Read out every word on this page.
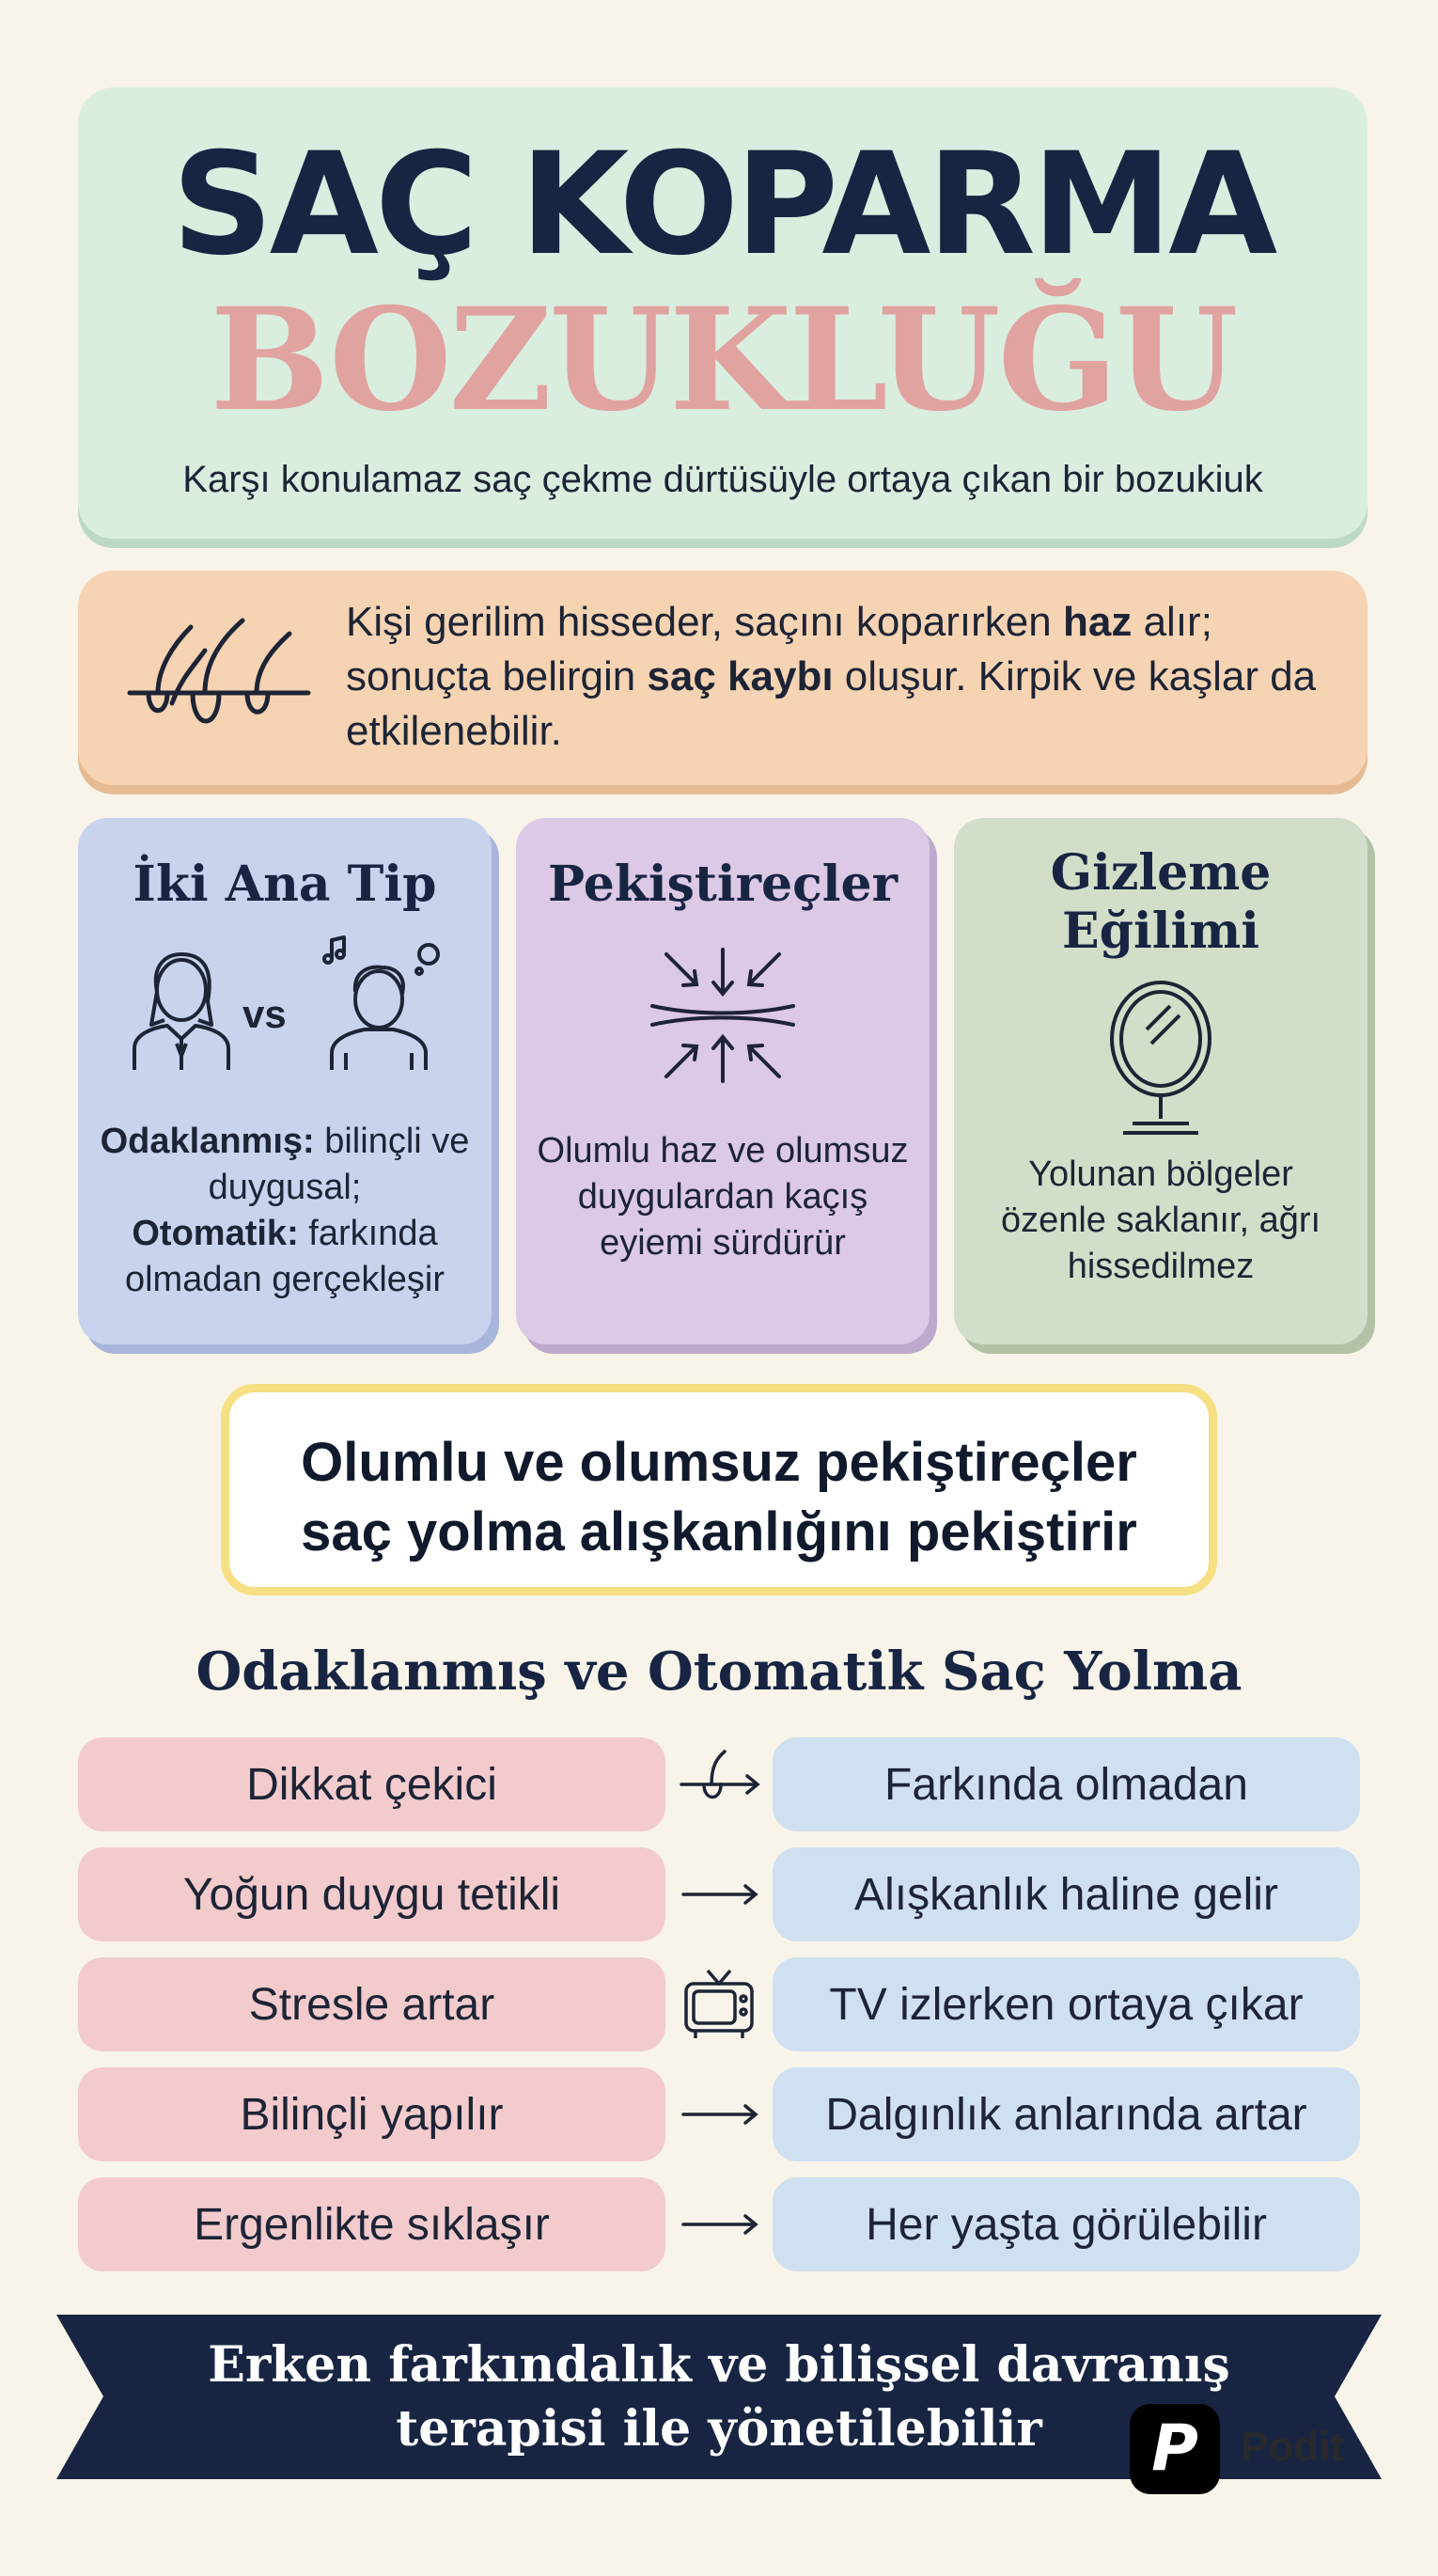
SAÇ KOPARMA
BOZUKLUĞU
Karşı konulamaz saç çekme dürtüsüyle ortaya çıkan bir bozukiuk
Kişi gerilim hisseder, saçını koparırken haz alır; sonuçta belirgin saç kaybı oluşur. Kirpik ve kaşlar da etkilenebilir.
İki Ana Tip
vs
Odaklanmış: bilinçli ve duygusal;
Otomatik: farkında olmadan gerçekleşir
Pekiştireçler
Olumlu haz ve olumsuz duygulardan kaçış eyiemi sürdürür
Gizleme
Eğilimi
Yolunan bölgeler özenle saklanır, ağrı hissedilmez
Olumlu ve olumsuz pekiştireçler
saç yolma alışkanlığını pekiştirir
Odaklanmış ve Otomatik Saç Yolma
Dikkat çekici	Farkında olmadan
Yoğun duygu tetikli	Alışkanlık haline gelir
Stresle artar	TV izlerken ortaya çıkar
Bilinçli yapılır	Dalgınlık anlarında artar
Ergenlikte sıklaşır	Her yaşta görülebilir
Erken farkındalık ve bilişsel davranış
terapisi ile yönetilebilir	P	Podit
